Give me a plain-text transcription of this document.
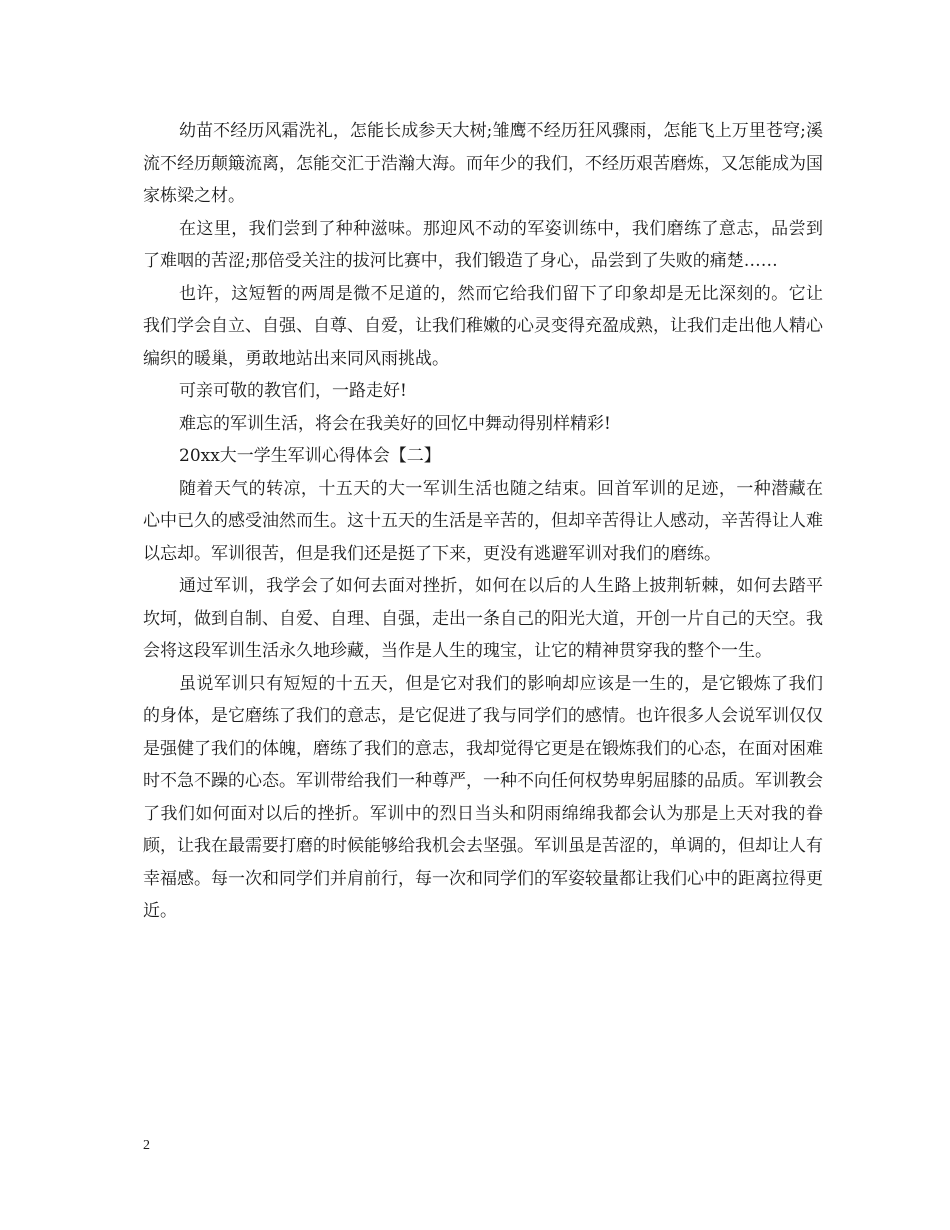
幼苗不经历风霜洗礼，怎能长成参天大树;雏鹰不经历狂风骤雨，怎能飞上万里苍穹;溪流不经历颠簸流离，怎能交汇于浩瀚大海。而年少的我们，不经历艰苦磨炼，又怎能成为国家栋梁之材。

在这里，我们尝到了种种滋味。那迎风不动的军姿训练中，我们磨练了意志，品尝到了难咽的苦涩;那倍受关注的拔河比赛中，我们锻造了身心，品尝到了失败的痛楚……

也许，这短暂的两周是微不足道的，然而它给我们留下了印象却是无比深刻的。它让我们学会自立、自强、自尊、自爱，让我们稚嫩的心灵变得充盈成熟，让我们走出他人精心编织的暖巢，勇敢地站出来同风雨挑战。

可亲可敬的教官们，一路走好!

难忘的军训生活，将会在我美好的回忆中舞动得别样精彩!

20xx大一学生军训心得体会【二】

随着天气的转凉，十五天的大一军训生活也随之结束。回首军训的足迹，一种潜藏在心中已久的感受油然而生。这十五天的生活是辛苦的，但却辛苦得让人感动，辛苦得让人难以忘却。军训很苦，但是我们还是挺了下来，更没有逃避军训对我们的磨练。

通过军训，我学会了如何去面对挫折，如何在以后的人生路上披荆斩棘，如何去踏平坎坷，做到自制、自爱、自理、自强，走出一条自己的阳光大道，开创一片自己的天空。我会将这段军训生活永久地珍藏，当作是人生的瑰宝，让它的精神贯穿我的整个一生。

虽说军训只有短短的十五天，但是它对我们的影响却应该是一生的，是它锻炼了我们的身体，是它磨练了我们的意志，是它促进了我与同学们的感情。也许很多人会说军训仅仅是强健了我们的体魄，磨练了我们的意志，我却觉得它更是在锻炼我们的心态，在面对困难时不急不躁的心态。军训带给我们一种尊严，一种不向任何权势卑躬屈膝的品质。军训教会了我们如何面对以后的挫折。军训中的烈日当头和阴雨绵绵我都会认为那是上天对我的眷顾，让我在最需要打磨的时候能够给我机会去坚强。军训虽是苦涩的，单调的，但却让人有幸福感。每一次和同学们并肩前行，每一次和同学们的军姿较量都让我们心中的距离拉得更近。

2
